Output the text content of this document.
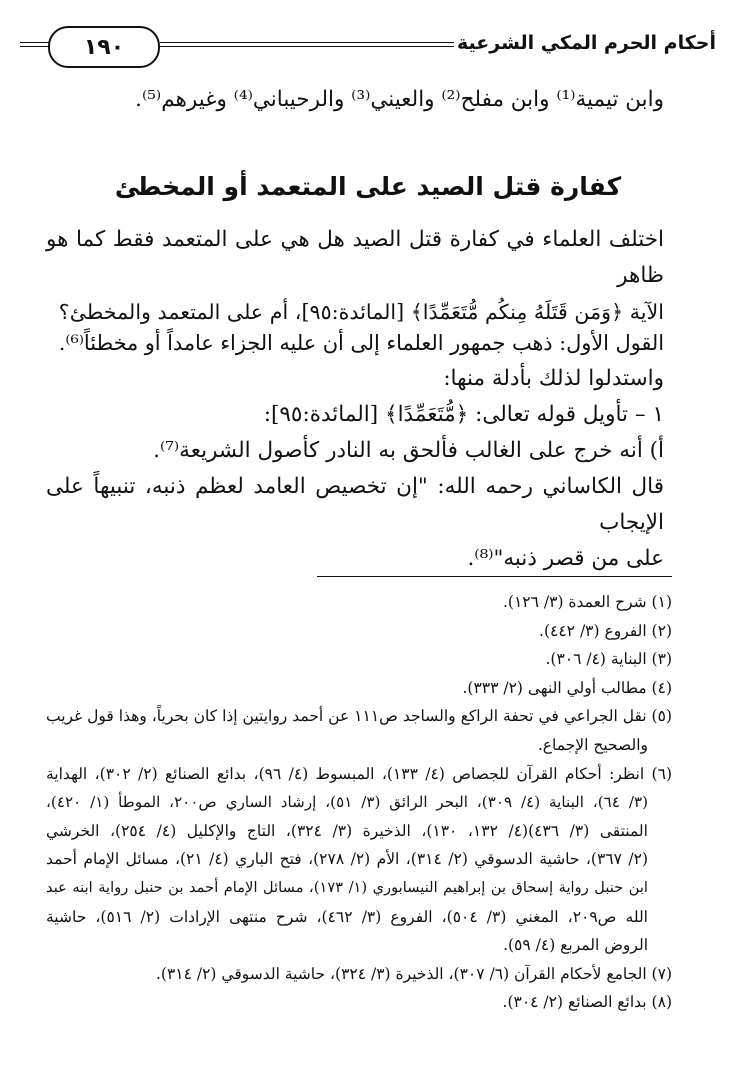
أحكام الحرم المكي الشرعية
١٩٠
وابن تيمية⁽¹⁾ وابن مفلح⁽²⁾ والعيني⁽³⁾ والرحيباني⁽⁴⁾ وغيرهم⁽⁵⁾.
كفارة قتل الصيد على المتعمد أو المخطئ
اختلف العلماء في كفارة قتل الصيد هل هي على المتعمد فقط كما هو ظاهر
الآية ﴿وَمَن قَتَلَهُ مِنكُم مُّتَعَمِّدًا﴾ [المائدة:٩٥]، أم على المتعمد والمخطئ؟
القول الأول: ذهب جمهور العلماء إلى أن عليه الجزاء عامداً أو مخطئاً⁽⁶⁾.
واستدلوا لذلك بأدلة منها:
١ – تأويل قوله تعالى: ﴿مُّتَعَمِّدًا﴾ [المائدة:٩٥]:
أ) أنه خرج على الغالب فألحق به النادر كأصول الشريعة⁽⁷⁾.
قال الكاساني رحمه الله: "إن تخصيص العامد لعظم ذنبه، تنبيهاً على الإيجاب
على من قصر ذنبه"⁽⁸⁾.
(١) شرح العمدة (٣/ ١٢٦).
(٢) الفروع (٣/ ٤٤٢).
(٣) البناية (٤/ ٣٠٦).
(٤) مطالب أولي النهى (٢/ ٣٣٣).
(٥) نقل الجراعي في تحفة الراكع والساجد ص١١١ عن أحمد روايتين إذا كان بحرياً، وهذا قول غريب
والصحيح الإجماع.
(٦) انظر: أحكام القرآن للجصاص (٤/ ١٣٣)، المبسوط (٤/ ٩٦)، بدائع الصنائع (٢/ ٣٠٢)، الهداية
(٣/ ٦٤)، البناية (٤/ ٣٠٩)، البحر الرائق (٣/ ٥١)، إرشاد الساري ص٢٠٠، الموطأ (١/ ٤٢٠)،
المنتقى (٣/ ٤٣٦)(٤/ ١٣٢، ١٣٠)، الذخيرة (٣/ ٣٢٤)، التاج والإكليل (٤/ ٢٥٤)، الخرشي
(٢/ ٣٦٧)، حاشية الدسوقي (٢/ ٣١٤)، الأم (٢/ ٢٧٨)، فتح الباري (٤/ ٢١)، مسائل الإمام أحمد
ابن حنبل رواية إسحاق بن إبراهيم النيسابوري (١/ ١٧٣)، مسائل الإمام أحمد بن حنبل رواية ابنه عبد
الله ص٢٠٩، المغني (٣/ ٥٠٤)، الفروع (٣/ ٤٦٢)، شرح منتهى الإرادات (٢/ ٥١٦)، حاشية
الروض المربع (٤/ ٥٩).
(٧) الجامع لأحكام القرآن (٦/ ٣٠٧)، الذخيرة (٣/ ٣٢٤)، حاشية الدسوقي (٢/ ٣١٤).
(٨) بدائع الصنائع (٢/ ٣٠٤).
